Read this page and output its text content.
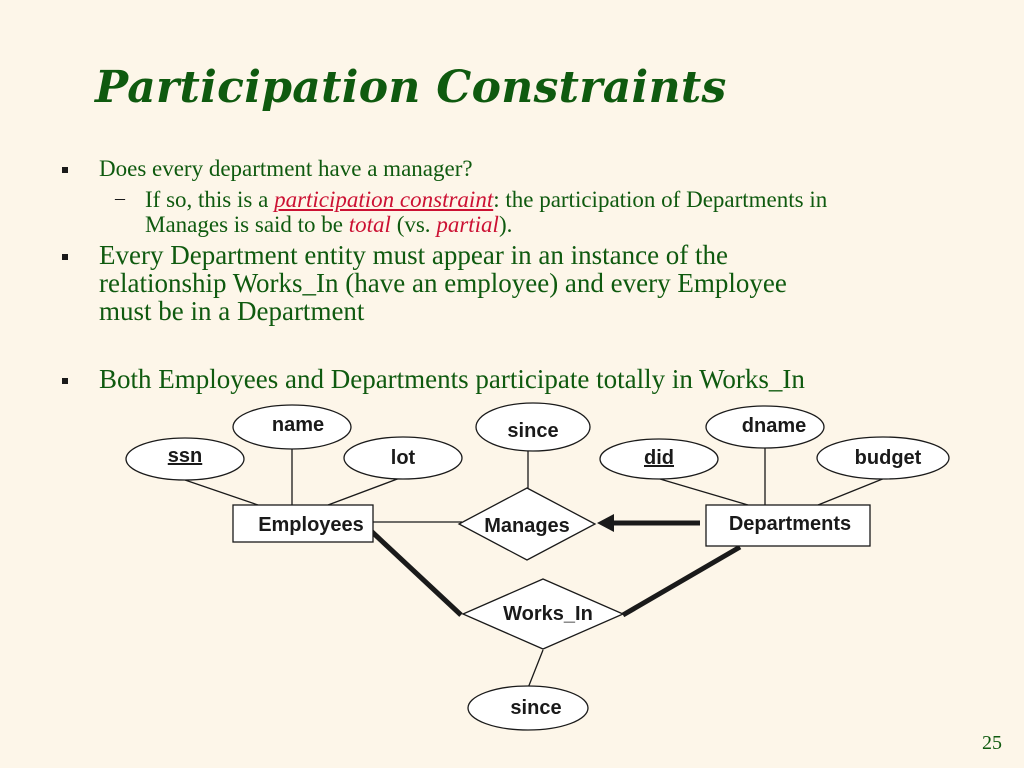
Participation Constraints
Does every department have a manager?
– If so, this is a participation constraint: the participation of Departments in
Manages is said to be total (vs. partial).
Every Department entity must appear in an instance of the
relationship Works_In (have an employee) and every Employee
must be in a Department
Both Employees and Departments participate totally in Works_In
Employees	Departments
Manages
Works_In
ssn
name
lot
since
did
dname
budget
since
25
